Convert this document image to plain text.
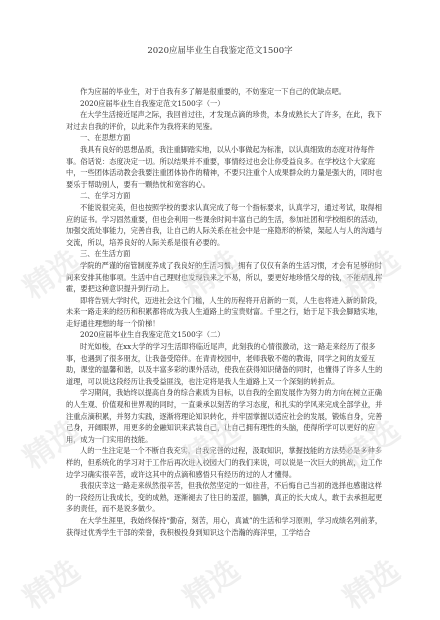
2020应届毕业生自我鉴定范文1500字

作为应届的毕业生，对于自我有多了解是很重要的，不妨鉴定一下自己的优缺点吧。

2020应届毕业生自我鉴定范文1500字（一）

在大学生活接近尾声之际，我回首过往，才发现点滴的珍贵，本身成熟长大了许多，在此，我下对过去自我的评价，以此来作为我将来的见鉴。

一、在思想方面

我具有良好的思想品质，我注重脚踏实地，以从小事做起为标准，以认真细致的态度对待每件事。俗话说：态度决定一切。所以结果并不重要，事情经过也会让你受益良多。在学校这个大家庭中，一些团体活动教会我要注重团体协作的精神，不要只注重个人成果群众的力量是强大的，同时也要乐于帮助别人，要有一颗热忱和宽容的心。

二、在学习方面

不能说很完美，但也按照学校的要求认真完成了每一个指标要求，认真学习，通过考试，取得相应的证书。学习固然重要，但也会利用一些课余时间丰富自己的生活，参加社团和学校组织的活动，加强交流处事能力，完善自我，让自己的人际关系在社会中是一座隐形的桥梁，架起人与人的沟通与交流，所以，培养良好的人际关系是很有必要的。

三、在生活方面

学院的严谨的宿管制度养成了我良好的生活习惯，拥有了仅仅有条的生活习惯，才会有足够的时间来安排其他事项。生活中自己理财也发现钱来之不易，所以，要更好地珍惜父母的钱，不能胡乱挥霍，要把这种意识提升到行动上。

即将告别大学时代，迈进社会这个门槛，人生的历程将开启新的一页，人生也将进入新的阶段，未来一路走来的经历和积累都将成为我人生道路上的宝贵财富。千里之行，始于足下我会脚踏实地，走好通往理想的每一个阶梯！

2020应届毕业生自我鉴定范文1500字（二）

时光如梭，在xx大学的学习生活即将临近尾声，此刻我的心情很激动，这一路走来经历了很多事，也遇到了很多朋友，让我备受陪伴。在青青校园中，老师我敬不倦的教诲，同学之间的友爱互助，课堂的温馨和谐，以及丰富多彩的课外活动，使我在获得知识储备的同时，也懂得了许多人生的道理，可以说这段经历让我受益匪浅，也注定将是我人生道路上又一个深刻的转折点。

学习期间，我始终以提高自身的综合素质为目标，以自我的全面发展作为努力的方向在树立正确的人生观、价值观和世界观的同时，一直秉承以刻苦的学习态度，和扎实的学风来完成全部学业，并注重点滴积累，并努力实践，逐渐将理论知识转化，并牢固掌握以适应社会的发展，锻炼自身，完善己身，开阔眼界，用更多的金融知识来武装自己，让自己拥有理性的头脑，使得所学可以更好的应用，成为一门实用的技能。

人的一生注定是一个不断自我充实，自我完善的过程，汲取知识，掌握技能的方法势必是多种多样的，但系统化的学习对于工作后再次进入校园大门的我们来说，可以说是一次巨大的挑战，边工作边学习确实很辛苦，或许这其中的点滴和感悟只有经历的过的人才懂得。

我很庆幸这一路走来纵然很辛苦，但我依然坚定的一如往昔，不后悔自己当初的选择也感谢这样的一段经历让我成长，变的成熟，逐渐褪去了往日的羞涩，腼腆，真正的长大成人，敢于去承担起更多的责任，而不是说多做少。

在大学生涯里，我始终保持“勤奋，刻苦，用心，真诚”的生活和学习原则，学习成绩名列前茅，获得过优秀学生干部的荣誉，我积极投身到知识这个浩瀚的海洋里，工学结合

精选
精选
精选
精选
精选
精选
精选
精选
精选
